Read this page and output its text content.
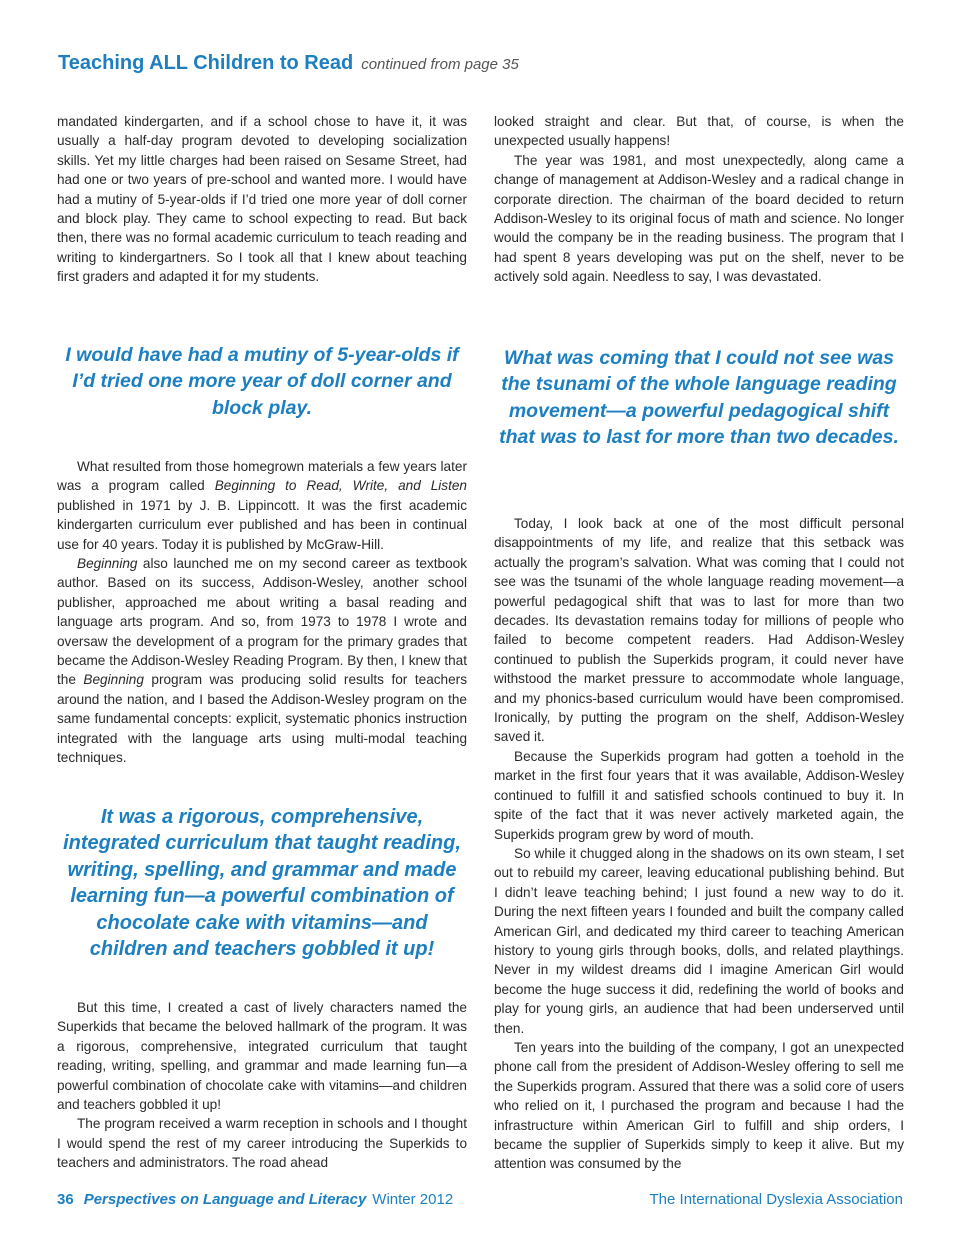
Teaching ALL Children to Read continued from page 35

mandated kindergarten, and if a school chose to have it, it was usually a half-day program devoted to developing socialization skills. Yet my little charges had been raised on Sesame Street, had had one or two years of pre-school and wanted more. I would have had a mutiny of 5-year-olds if I’d tried one more year of doll corner and block play. They came to school expecting to read. But back then, there was no formal academic curriculum to teach reading and writing to kindergartners. So I took all that I knew about teaching first graders and adapted it for my students.

I would have had a mutiny of 5-year-olds if I’d tried one more year of doll corner and block play.

What resulted from those homegrown materials a few years later was a program called Beginning to Read, Write, and Listen published in 1971 by J. B. Lippincott. It was the first academic kindergarten curriculum ever published and has been in continual use for 40 years. Today it is published by McGraw-Hill.

Beginning also launched me on my second career as textbook author. Based on its success, Addison-Wesley, another school publisher, approached me about writing a basal reading and language arts program. And so, from 1973 to 1978 I wrote and oversaw the development of a program for the primary grades that became the Addison-Wesley Reading Program. By then, I knew that the Beginning program was producing solid results for teachers around the nation, and I based the Addison-Wesley program on the same fundamental concepts: explicit, systematic phonics instruction integrated with the language arts using multi-modal teaching techniques.

It was a rigorous, comprehensive, integrated curriculum that taught reading, writing, spelling, and grammar and made learning fun—a powerful combination of chocolate cake with vitamins—and children and teachers gobbled it up!

But this time, I created a cast of lively characters named the Superkids that became the beloved hallmark of the program. It was a rigorous, comprehensive, integrated curriculum that taught reading, writing, spelling, and grammar and made learning fun—a powerful combination of chocolate cake with vitamins—and children and teachers gobbled it up!

The program received a warm reception in schools and I thought I would spend the rest of my career introducing the Superkids to teachers and administrators. The road ahead

looked straight and clear. But that, of course, is when the unexpected usually happens!

The year was 1981, and most unexpectedly, along came a change of management at Addison-Wesley and a radical change in corporate direction. The chairman of the board decided to return Addison-Wesley to its original focus of math and science. No longer would the company be in the reading business. The program that I had spent 8 years developing was put on the shelf, never to be actively sold again. Needless to say, I was devastated.

What was coming that I could not see was the tsunami of the whole language reading movement—a powerful pedagogical shift that was to last for more than two decades.

Today, I look back at one of the most difficult personal disappointments of my life, and realize that this setback was actually the program’s salvation. What was coming that I could not see was the tsunami of the whole language reading movement—a powerful pedagogical shift that was to last for more than two decades. Its devastation remains today for millions of people who failed to become competent readers. Had Addison-Wesley continued to publish the Superkids program, it could never have withstood the market pressure to accommodate whole language, and my phonics-based curriculum would have been compromised. Ironically, by putting the program on the shelf, Addison-Wesley saved it.

Because the Superkids program had gotten a toehold in the market in the first four years that it was available, Addison-Wesley continued to fulfill it and satisfied schools continued to buy it. In spite of the fact that it was never actively marketed again, the Superkids program grew by word of mouth.

So while it chugged along in the shadows on its own steam, I set out to rebuild my career, leaving educational publishing behind. But I didn’t leave teaching behind; I just found a new way to do it. During the next fifteen years I founded and built the company called American Girl, and dedicated my third career to teaching American history to young girls through books, dolls, and related playthings. Never in my wildest dreams did I imagine American Girl would become the huge success it did, redefining the world of books and play for young girls, an audience that had been underserved until then.

Ten years into the building of the company, I got an unexpected phone call from the president of Addison-Wesley offering to sell me the Superkids program. Assured that there was a solid core of users who relied on it, I purchased the program and because I had the infrastructure within American Girl to fulfill and ship orders, I became the supplier of Superkids simply to keep it alive. But my attention was consumed by the

36 Perspectives on Language and Literacy Winter 2012	The International Dyslexia Association
